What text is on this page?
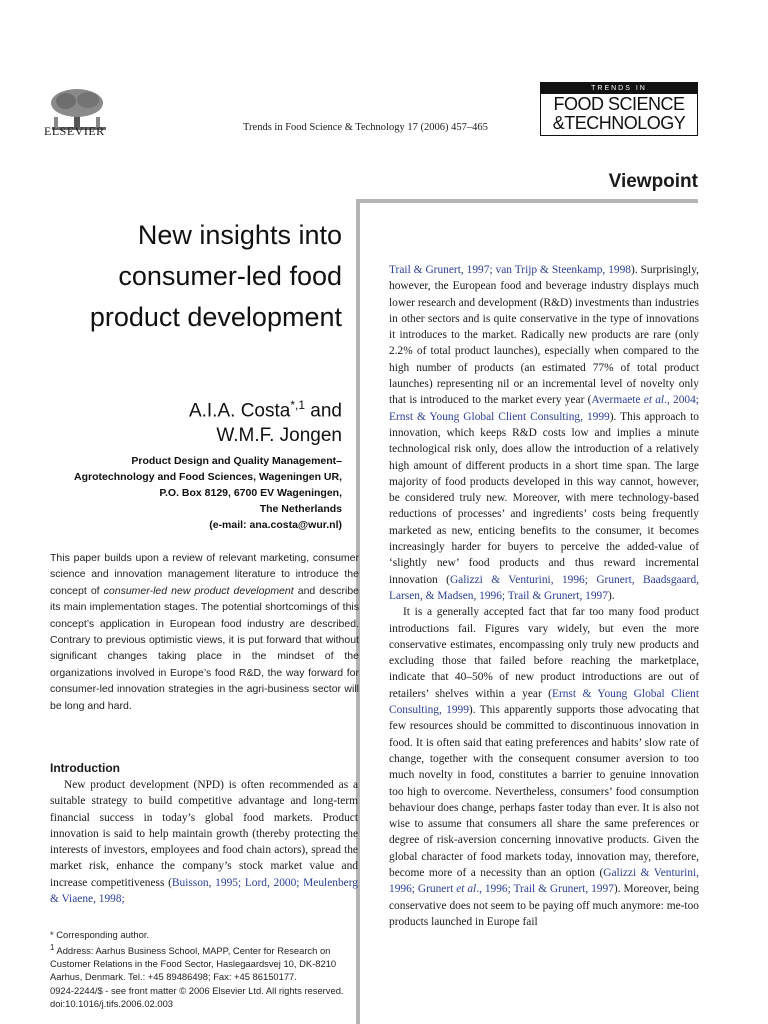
ELSEVIER	Trends in Food Science & Technology 17 (2006) 457–465
TRENDS IN
FOOD SCIENCE
&TECHNOLOGY
Viewpoint
New insights into consumer-led food product development
A.I.A. Costa$^{*,1}$ and
W.M.F. Jongen
Product Design and Quality Management–
Agrotechnology and Food Sciences, Wageningen UR,
P.O. Box 8129, 6700 EV Wageningen,
The Netherlands
(e-mail: ana.costa@wur.nl)
This paper builds upon a review of relevant marketing, consumer science and innovation management literature to introduce the concept of consumer-led new product development and describe its main implementation stages. The potential shortcomings of this concept’s application in European food industry are described. Contrary to previous optimistic views, it is put forward that without significant changes taking place in the mindset of the organizations involved in Europe’s food R&D, the way forward for consumer-led innovation strategies in the agri-business sector will be long and hard.
Introduction

New product development (NPD) is often recommended as a suitable strategy to build competitive advantage and long-term financial success in today’s global food markets. Product innovation is said to help maintain growth (thereby protecting the interests of investors, employees and food chain actors), spread the market risk, enhance the company’s stock market value and increase competitiveness (Buisson, 1995; Lord, 2000; Meulenberg & Viaene, 1998;

* Corresponding author.

$^1$ Address: Aarhus Business School, MAPP, Center for Research on Customer Relations in the Food Sector, Haslegaardsvej 10, DK-8210 Aarhus, Denmark. Tel.: +45 89486498; Fax: +45 86150177.

0924-2244/$ - see front matter © 2006 Elsevier Ltd. All rights reserved.
doi:10.1016/j.tifs.2006.02.003

Trail & Grunert, 1997; van Trijp & Steenkamp, 1998). Surprisingly, however, the European food and beverage industry displays much lower research and development (R&D) investments than industries in other sectors and is quite conservative in the type of innovations it introduces to the market. Radically new products are rare (only 2.2% of total product launches), especially when compared to the high number of products (an estimated 77% of total product launches) representing nil or an incremental level of novelty only that is introduced to the market every year (Avermaete et al., 2004; Ernst & Young Global Client Consulting, 1999). This approach to innovation, which keeps R&D costs low and implies a minute technological risk only, does allow the introduction of a relatively high amount of different products in a short time span. The large majority of food products developed in this way cannot, however, be considered truly new. Moreover, with mere technology-based reductions of processes’ and ingredients’ costs being frequently marketed as new, enticing benefits to the consumer, it becomes increasingly harder for buyers to perceive the added-value of ‘slightly new’ food products and thus reward incremental innovation (Galizzi & Venturini, 1996; Grunert, Baadsgaard, Larsen, & Madsen, 1996; Trail & Grunert, 1997).

It is a generally accepted fact that far too many food product introductions fail. Figures vary widely, but even the more conservative estimates, encompassing only truly new products and excluding those that failed before reaching the marketplace, indicate that 40–50% of new product introductions are out of retailers’ shelves within a year (Ernst & Young Global Client Consulting, 1999). This apparently supports those advocating that few resources should be committed to discontinuous innovation in food. It is often said that eating preferences and habits’ slow rate of change, together with the consequent consumer aversion to too much novelty in food, constitutes a barrier to genuine innovation too high to overcome. Nevertheless, consumers’ food consumption behaviour does change, perhaps faster today than ever. It is also not wise to assume that consumers all share the same preferences or degree of risk-aversion concerning innovative products. Given the global character of food markets today, innovation may, therefore, become more of a necessity than an option (Galizzi & Venturini, 1996; Grunert et al., 1996; Trail & Grunert, 1997). Moreover, being conservative does not seem to be paying off much anymore: me-too products launched in Europe fail
